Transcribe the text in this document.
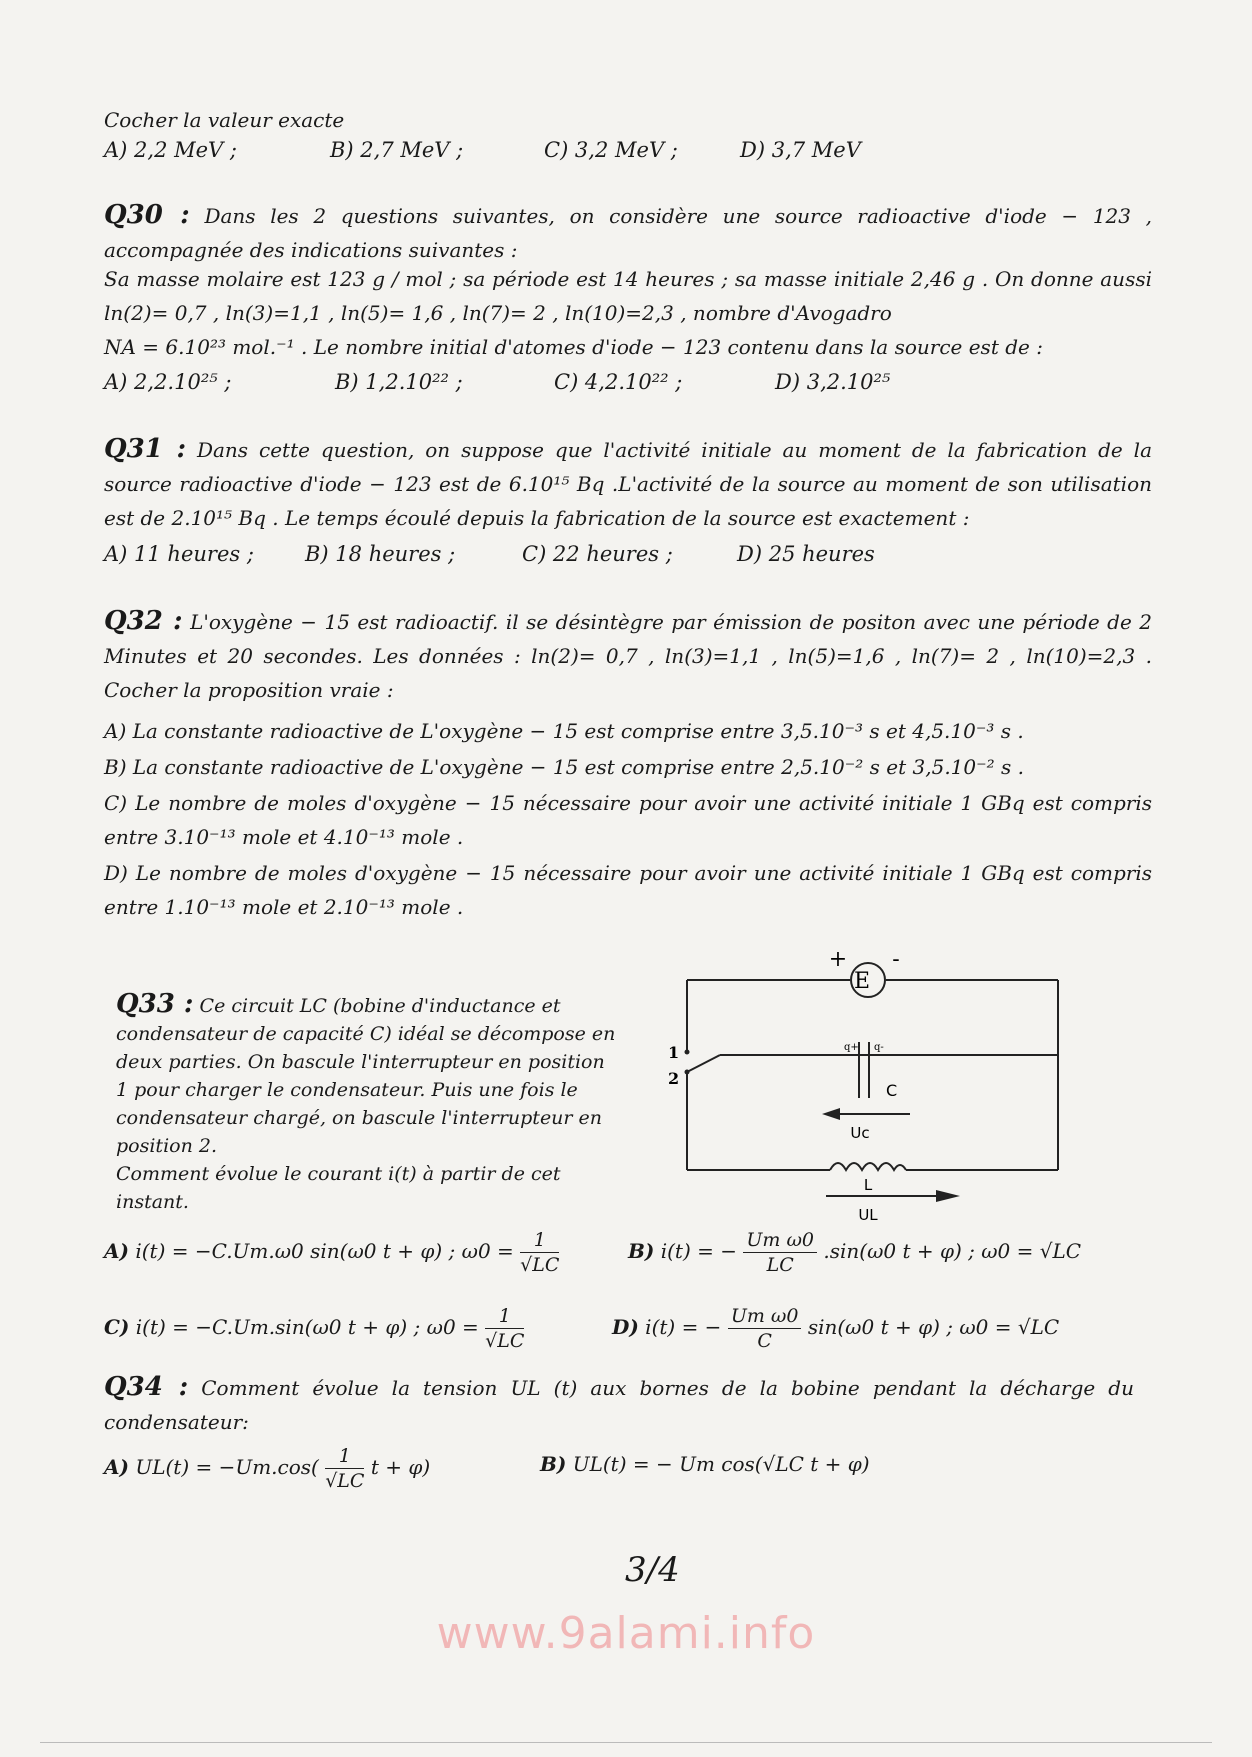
Cocher la valeur exacte
A) 2,2 MeV ;	B) 2,7 MeV ;	C) 3,2 MeV ;	D) 3,7 MeV
Q30 : Dans les 2 questions suivantes, on considère une source radioactive d'iode − 123 , accompagnée des indications suivantes :
Sa masse molaire est 123 g / mol ; sa période est 14 heures ; sa masse initiale 2,46 g . On donne aussi ln(2)= 0,7 , ln(3)=1,1 , ln(5)= 1,6 , ln(7)= 2 , ln(10)=2,3 , nombre d'Avogadro
NA = 6.10²³ mol.⁻¹ . Le nombre initial d'atomes d'iode − 123 contenu dans la source est de :
A) 2,2.10²⁵ ;	B) 1,2.10²² ;	C) 4,2.10²² ;	D) 3,2.10²⁵
Q31 : Dans cette question, on suppose que l'activité initiale au moment de la fabrication de la source radioactive d'iode − 123 est de 6.10¹⁵ Bq .L'activité de la source au moment de son utilisation est de 2.10¹⁵ Bq . Le temps écoulé depuis la fabrication de la source est exactement :
A) 11 heures ; B) 18 heures ;	C) 22 heures ;	D) 25 heures
Q32 : L'oxygène − 15 est radioactif. il se désintègre par émission de positon avec une période de 2 Minutes et 20 secondes. Les données : ln(2)= 0,7 , ln(3)=1,1 , ln(5)=1,6 , ln(7)= 2 , ln(10)=2,3 . Cocher la proposition vraie :
A) La constante radioactive de L'oxygène − 15 est comprise entre 3,5.10⁻³ s et 4,5.10⁻³ s .
B) La constante radioactive de L'oxygène − 15 est comprise entre 2,5.10⁻² s et 3,5.10⁻² s .
C) Le nombre de moles d'oxygène − 15 nécessaire pour avoir une activité initiale 1 GBq est compris entre 3.10⁻¹³ mole et 4.10⁻¹³ mole .
D) Le nombre de moles d'oxygène − 15 nécessaire pour avoir une activité initiale 1 GBq est compris entre 1.10⁻¹³ mole et 2.10⁻¹³ mole .
Q33 : Ce circuit LC (bobine d'inductance et condensateur de capacité C) idéal se décompose en deux parties. On bascule l'interrupteur en position 1 pour charger le condensateur. Puis une fois le condensateur chargé, on bascule l'interrupteur en position 2.
Comment évolue le courant i(t) à partir de cet instant.
E
+ -
1
2
q+ q-
C
Uc
L
UL
A) i(t) = −C.Um.ω0 sin(ω0 t + φ) ; $\omega 0 = \frac{1}{√LC}$	B) i(t) = − $\frac{\text{Um ω0}}{LC} .\sin(\omega 0$ t + φ) ; ω0 = √LC
C) i(t) = −C.Um.sin(ω0 t + φ) ; $\omega 0 = \frac{1}{√LC}$	D) i(t) = − $\frac{\text{Um ω0}}{C} \sin(\omega 0$ t + φ) ; ω0 = √LC
Q34 : Comment évolue la tension UL (t) aux bornes de la bobine pendant la décharge du condensateur:
A) $UL(t) = -Um.\cos( \frac{1}{√LC}$ t + φ)	B) UL(t) = − Um cos(√LC t + φ)
3/4
www.9alami.info
